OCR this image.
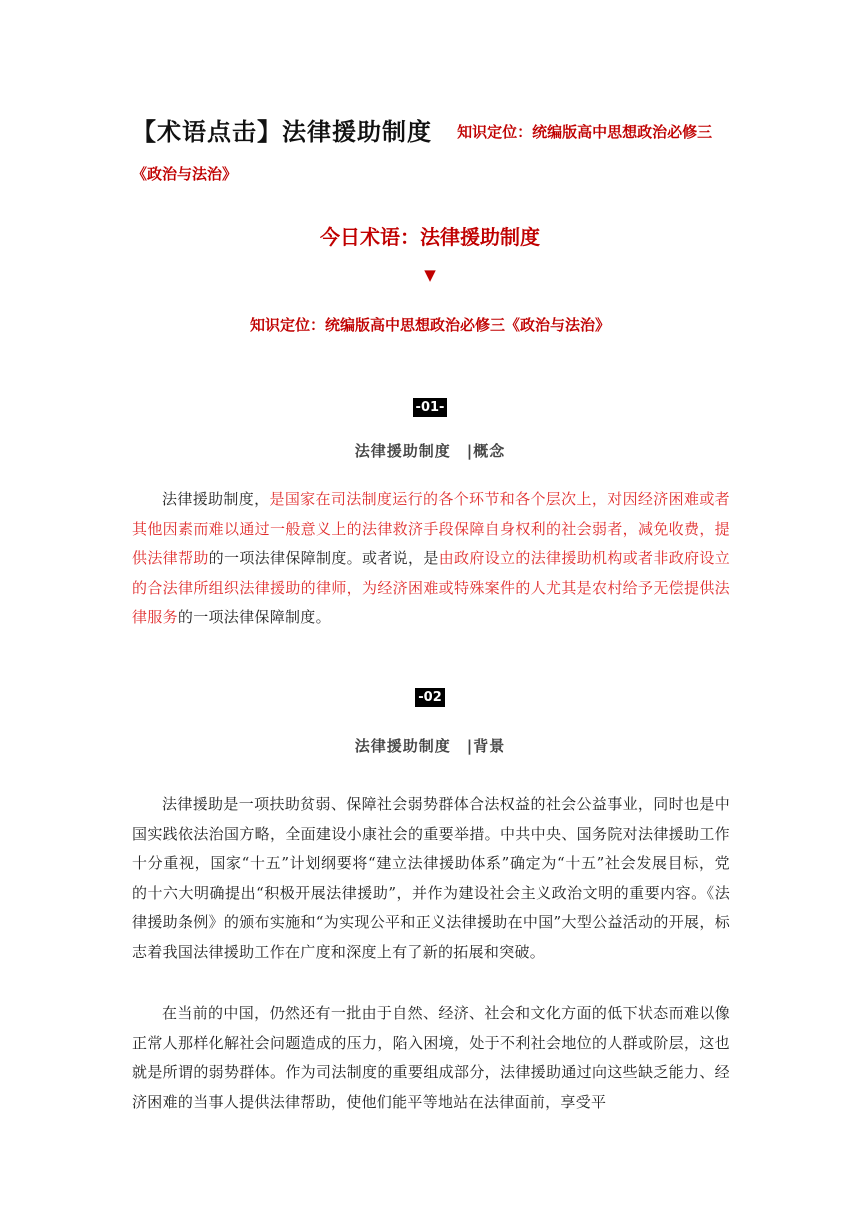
【术语点击】法律援助制度 知识定位：统编版高中思想政治必修三
《政治与法治》
今日术语：法律援助制度
▼
知识定位：统编版高中思想政治必修三《政治与法治》
-01-
法律援助制度　|概念
法律援助制度，是国家在司法制度运行的各个环节和各个层次上，对因经济困难或者其他因素而难以通过一般意义上的法律救济手段保障自身权利的社会弱者，减免收费，提供法律帮助的一项法律保障制度。或者说，是由政府设立的法律援助机构或者非政府设立的合法律所组织法律援助的律师，为经济困难或特殊案件的人尤其是农村给予无偿提供法律服务的一项法律保障制度。
-02
法律援助制度　|背景
法律援助是一项扶助贫弱、保障社会弱势群体合法权益的社会公益事业，同时也是中国实践依法治国方略，全面建设小康社会的重要举措。中共中央、国务院对法律援助工作十分重视，国家“十五”计划纲要将“建立法律援助体系”确定为“十五”社会发展目标，党的十六大明确提出“积极开展法律援助”，并作为建设社会主义政治文明的重要内容。《法律援助条例》的颁布实施和“为实现公平和正义法律援助在中国”大型公益活动的开展，标志着我国法律援助工作在广度和深度上有了新的拓展和突破。
在当前的中国，仍然还有一批由于自然、经济、社会和文化方面的低下状态而难以像正常人那样化解社会问题造成的压力，陷入困境，处于不利社会地位的人群或阶层，这也就是所谓的弱势群体。作为司法制度的重要组成部分，法律援助通过向这些缺乏能力、经济困难的当事人提供法律帮助，使他们能平等地站在法律面前，享受平
